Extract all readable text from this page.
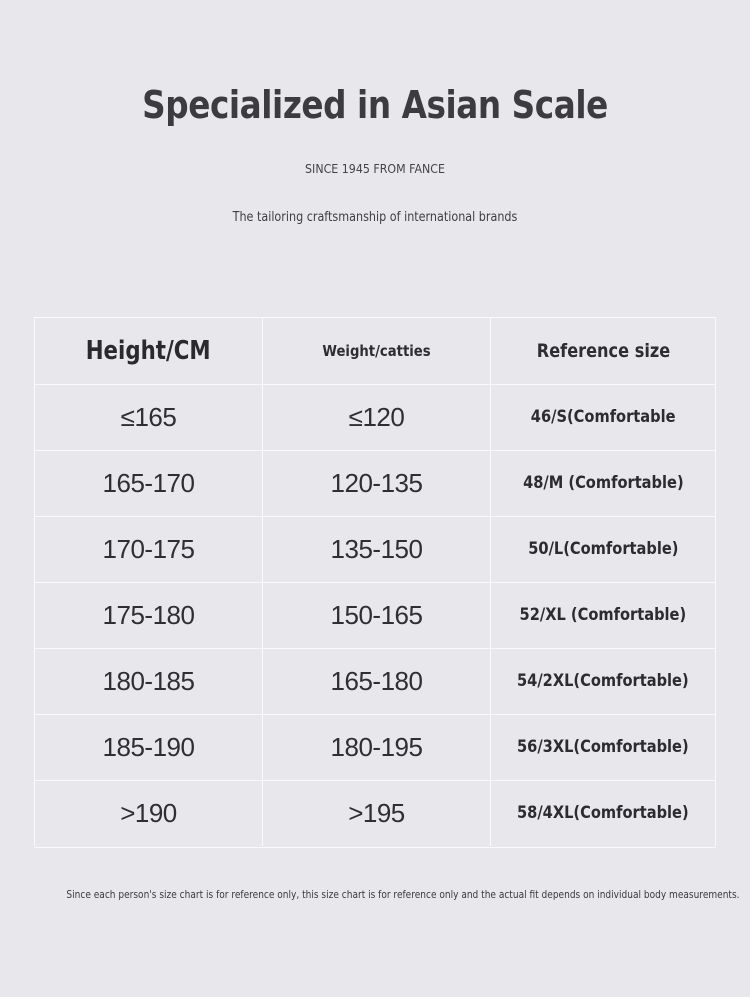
Specialized in Asian Scale
SINCE 1945 FROM FANCE
The tailoring craftsmanship of international brands
Height/CM	Weight/catties	Reference size
≤165	≤120	46/S(Comfortable
165-170	120-135	48/M (Comfortable)
170-175	135-150	50/L(Comfortable)
175-180	150-165	52/XL (Comfortable)
180-185	165-180	54/2XL(Comfortable)
185-190	180-195	56/3XL(Comfortable)
>190	>195	58/4XL(Comfortable)
Since each person's size chart is for reference only, this size chart is for reference only and the actual fit depends on individual body measurements.
